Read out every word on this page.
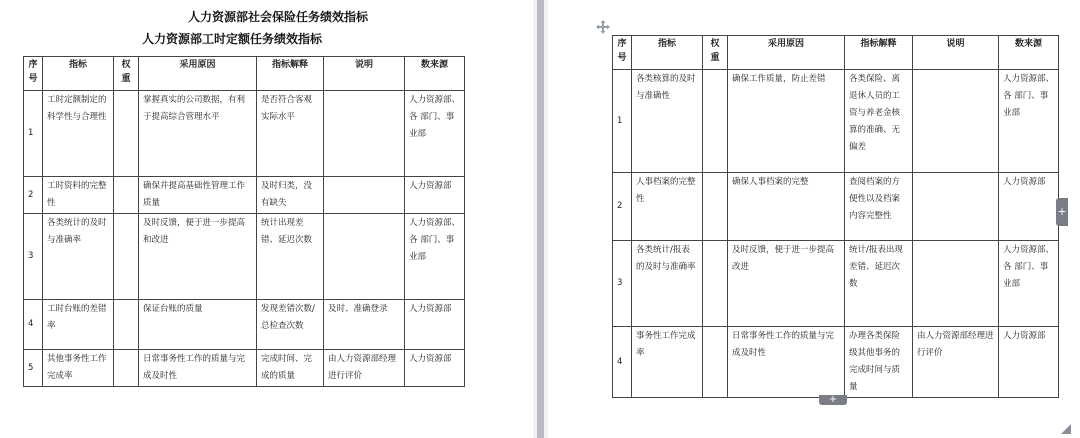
人力资源部工时定额任务绩效指标
人力资源部社会保险任务绩效指标
序号	指标	权重	采用原因	指标解释	说明	数来源
1	工时定额制定的科学性与合理性		掌握真实的公司数据，有利于提高综合管理水平	是否符合客观实际水平		人力资源部、各 部门、事业部
2	工时资料的完整性		确保并提高基础性管理工作质量	及时归类，没有缺失		人力资源部
3	各类统计的及时与准确率		及时反馈，便于进一步提高和改进	统计出现差错、延迟次数		人力资源部、各 部门、事业部
4	工时台账的差错率		保证台账的质量	发现差错次数/总检查次数	及时、准确登录	人力资源部
5	其他事务性工作完成率		日常事务性工作的质量与完成及时性	完成时间、完成的质量	由人力资源部经理进行评价	人力资源部
序号	指标	权重	采用原因	指标解释	说明	数来源
1	各类核算的及时与准确性		确保工作质量，防止差错	各类保险、离退休人员的工资与养老金核算的准确、无偏差		人力资源部、各 部门、事业部
2	人事档案的完整性		确保人事档案的完整	查阅档案的方便性以及档案内容完整性		人力资源部
3	各类统计/报表的及时与准确率		及时反馈，便于进一步提高改进	统计/报表出现差错、延迟次数		人力资源部、各 部门、事业部
4	事务性工作完成率		日常事务性工作的质量与完成及时性	办理各类保险级其他事务的完成时间与质量	由人力资源部经理进行评价	人力资源部
+
+
